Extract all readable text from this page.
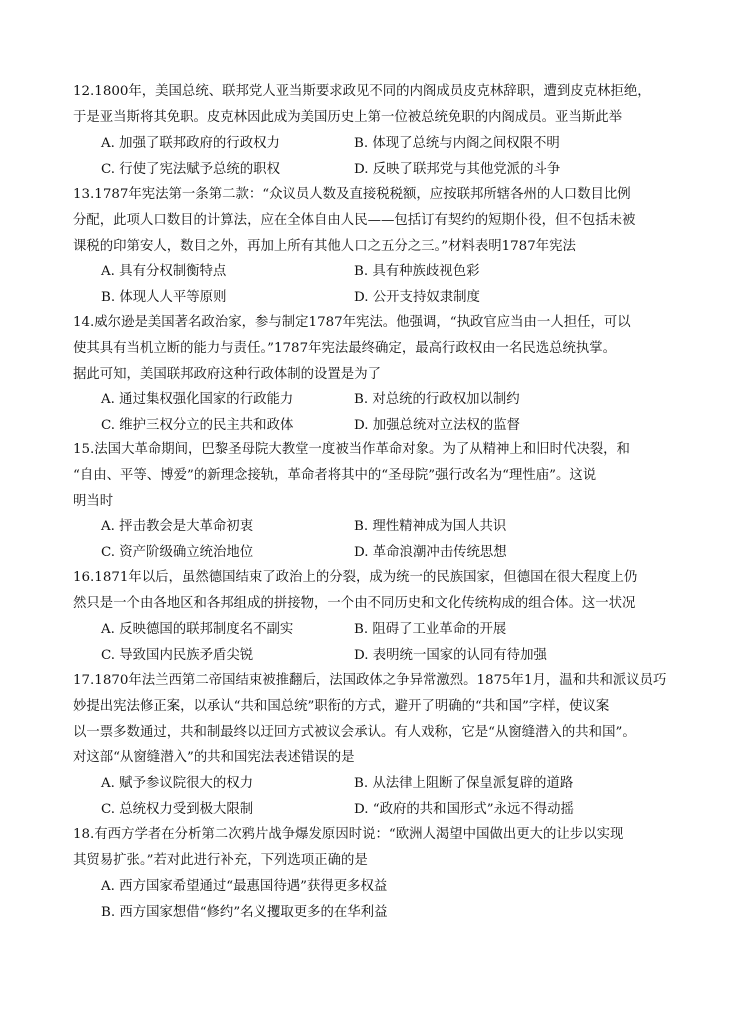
12.1800年，美国总统、联邦党人亚当斯要求政见不同的内阁成员皮克林辞职，遭到皮克林拒绝，
于是亚当斯将其免职。皮克林因此成为美国历史上第一位被总统免职的内阁成员。亚当斯此举
A. 加强了联邦政府的行政权力	B. 体现了总统与内阁之间权限不明
C. 行使了宪法赋予总统的职权	D. 反映了联邦党与其他党派的斗争
13.1787年宪法第一条第二款：“众议员人数及直接税税额，应按联邦所辖各州的人口数目比例
分配，此项人口数目的计算法，应在全体自由人民——包括订有契约的短期仆役，但不包括未被
课税的印第安人，数目之外，再加上所有其他人口之五分之三。”材料表明1787年宪法
A. 具有分权制衡特点	B. 具有种族歧视色彩
B. 体现人人平等原则	D. 公开支持奴隶制度
14.威尔逊是美国著名政治家，参与制定1787年宪法。他强调，“执政官应当由一人担任，可以
使其具有当机立断的能力与责任。”1787年宪法最终确定，最高行政权由一名民选总统执掌。
据此可知，美国联邦政府这种行政体制的设置是为了
A. 通过集权强化国家的行政能力	B. 对总统的行政权加以制约
C. 维护三权分立的民主共和政体	D. 加强总统对立法权的监督
15.法国大革命期间，巴黎圣母院大教堂一度被当作革命对象。为了从精神上和旧时代决裂，和
“自由、平等、博爱”的新理念接轨，革命者将其中的“圣母院”强行改名为“理性庙”。这说
明当时
A. 抨击教会是大革命初衷	B. 理性精神成为国人共识
C. 资产阶级确立统治地位	D. 革命浪潮冲击传统思想
16.1871年以后，虽然德国结束了政治上的分裂，成为统一的民族国家，但德国在很大程度上仍
然只是一个由各地区和各邦组成的拼接物，一个由不同历史和文化传统构成的组合体。这一状况
A. 反映德国的联邦制度名不副实	B. 阻碍了工业革命的开展
C. 导致国内民族矛盾尖锐	D. 表明统一国家的认同有待加强
17.1870年法兰西第二帝国结束被推翻后，法国政体之争异常激烈。1875年1月，温和共和派议员巧
妙提出宪法修正案，以承认“共和国总统”职衔的方式，避开了明确的“共和国”字样，使议案
以一票多数通过，共和制最终以迂回方式被议会承认。有人戏称，它是“从窗缝潜入的共和国”。
对这部“从窗缝潜入”的共和国宪法表述错误的是
A. 赋予参议院很大的权力	B. 从法律上阻断了保皇派复辟的道路
C. 总统权力受到极大限制	D. “政府的共和国形式”永远不得动摇
18.有西方学者在分析第二次鸦片战争爆发原因时说：“欧洲人渴望中国做出更大的让步以实现
其贸易扩张。”若对此进行补充，下列选项正确的是
A. 西方国家希望通过“最惠国待遇”获得更多权益
B. 西方国家想借“修约”名义攫取更多的在华利益
